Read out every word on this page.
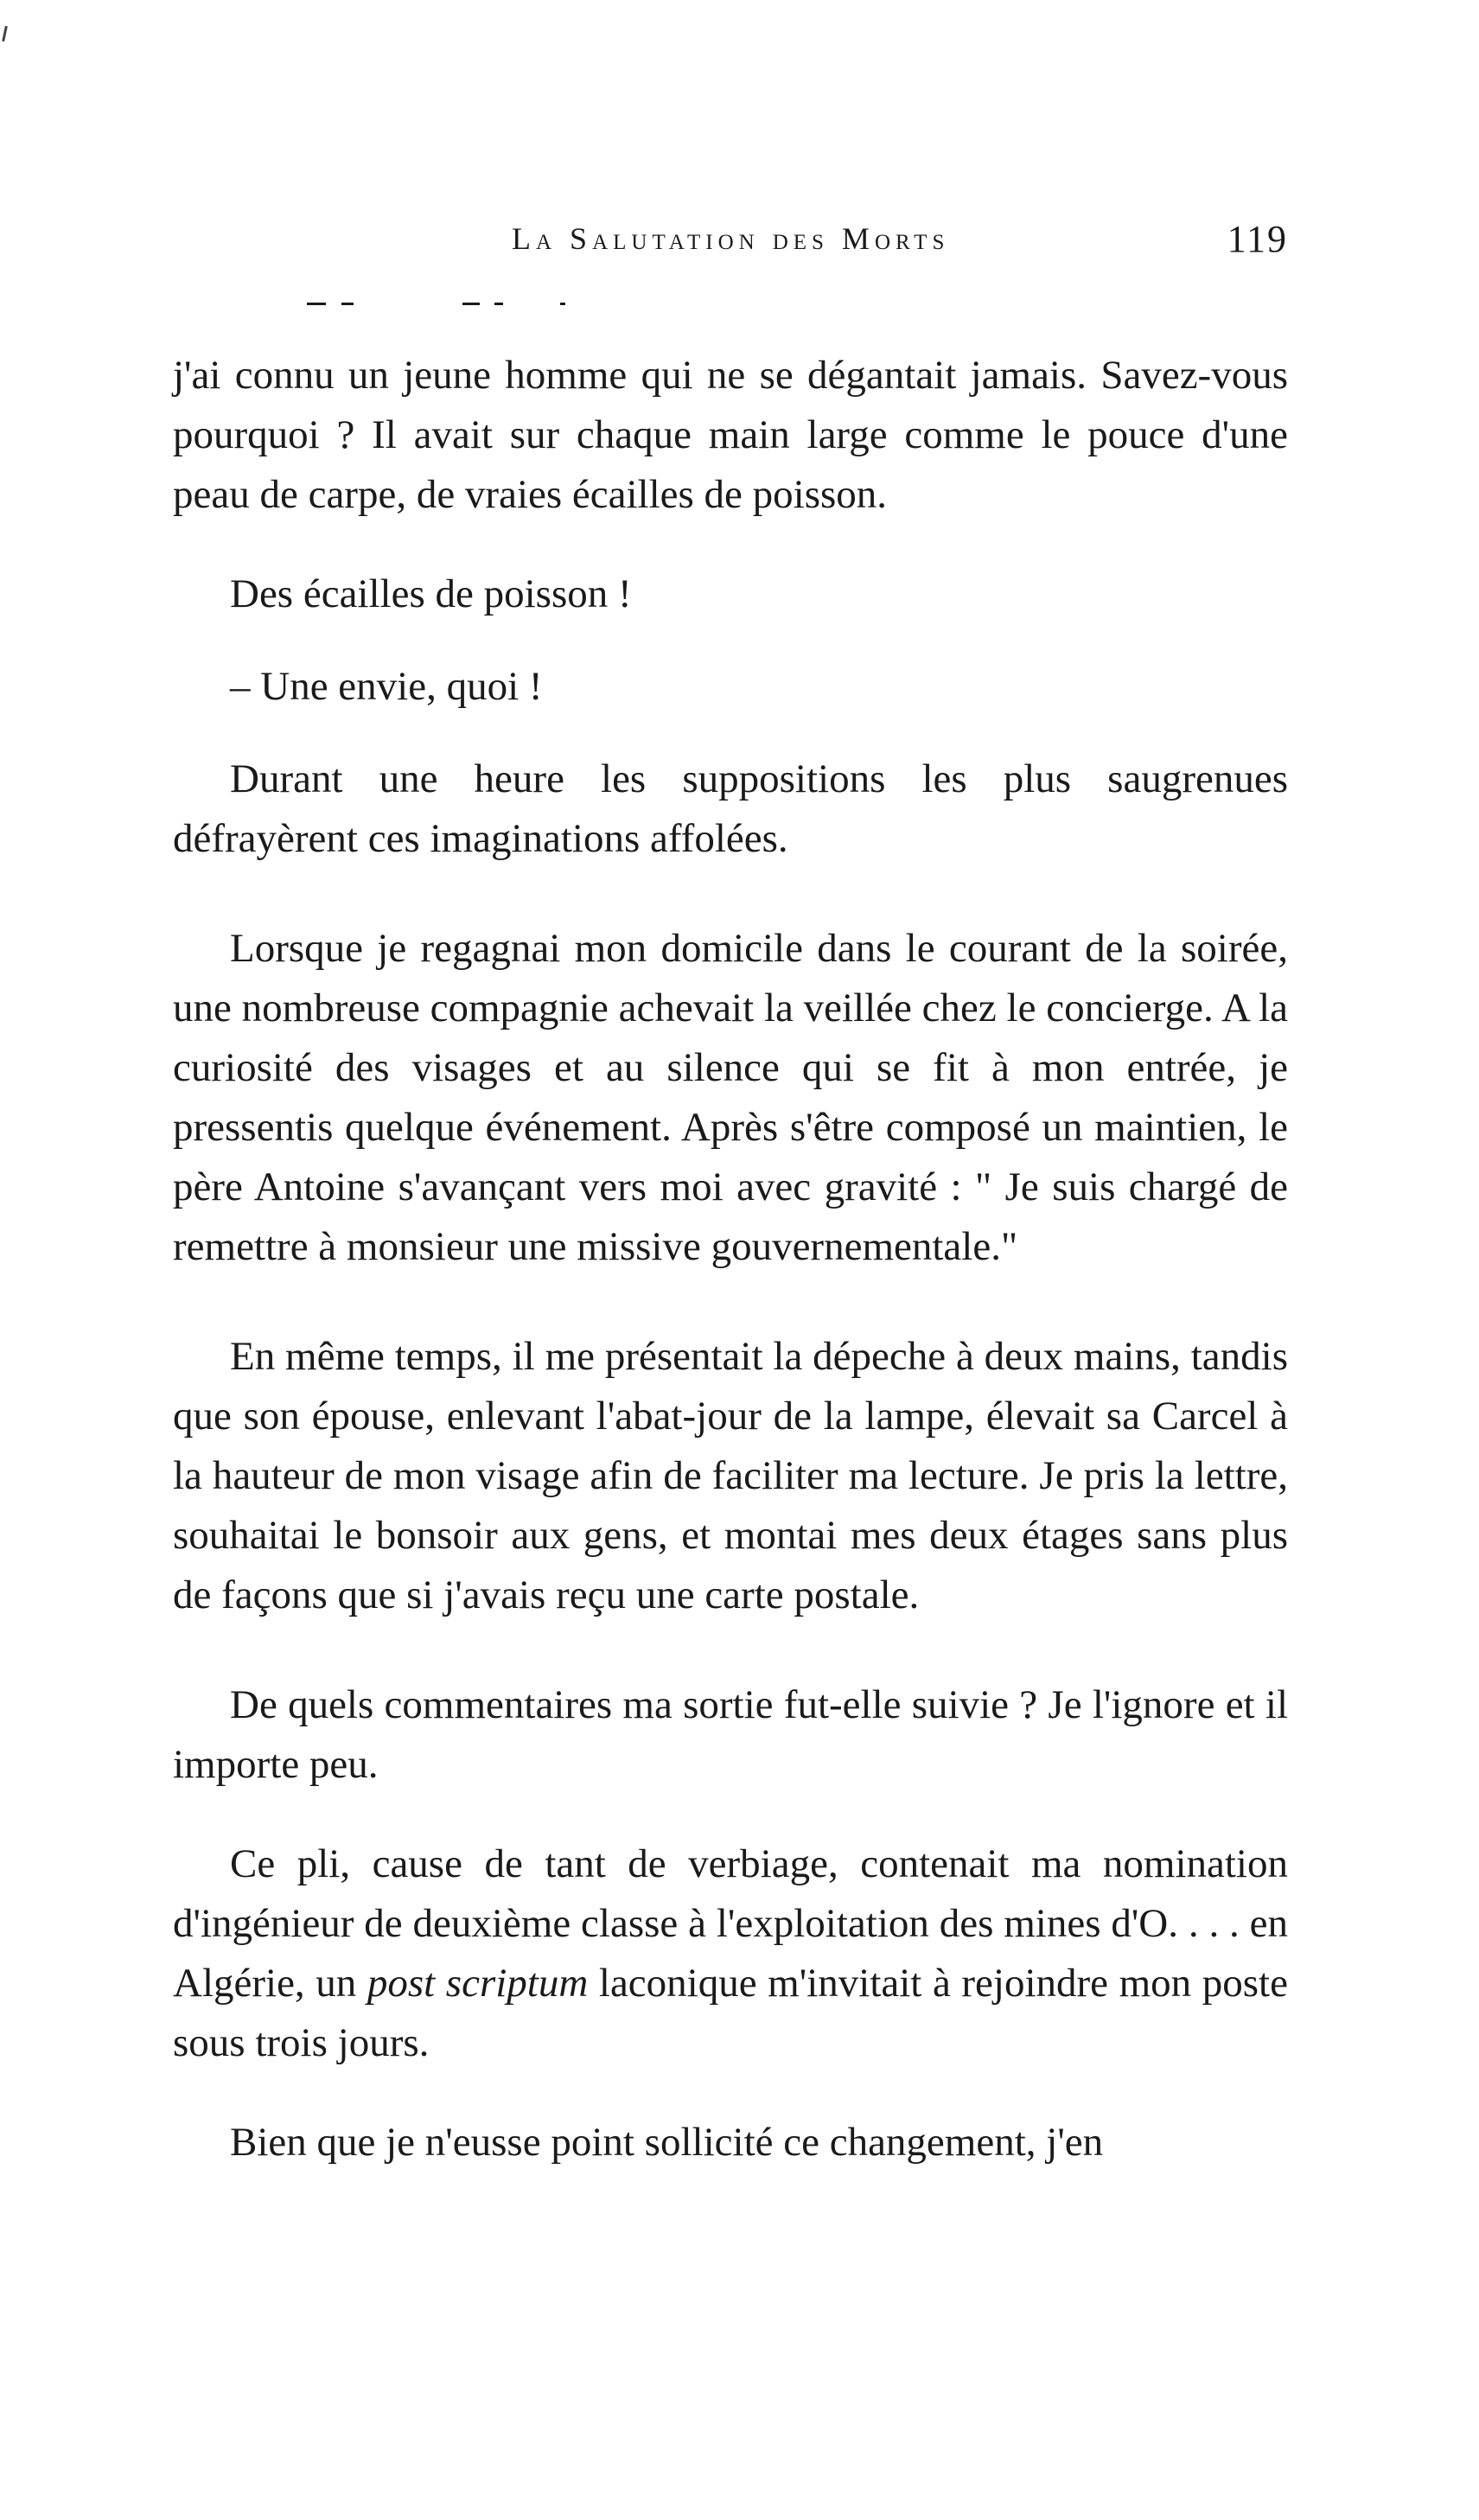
La Salutation des Morts	119

j'ai connu un jeune homme qui ne se dégantait jamais. Savez-vous pourquoi ? Il avait sur chaque main large comme le pouce d'une peau de carpe, de vraies écailles de poisson.

Des écailles de poisson !

– Une envie, quoi !

Durant une heure les suppositions les plus saugrenues défrayèrent ces imaginations affolées.

Lorsque je regagnai mon domicile dans le courant de la soirée, une nombreuse compagnie achevait la veillée chez le concierge. A la curiosité des visages et au silence qui se fit à mon entrée, je pressentis quelque événement. Après s'être composé un maintien, le père Antoine s'avançant vers moi avec gravité : " Je suis chargé de remettre à monsieur une missive gouvernementale."

En même temps, il me présentait la dépeche à deux mains, tandis que son épouse, enlevant l'abat-jour de la lampe, élevait sa Carcel à la hauteur de mon visage afin de faciliter ma lecture. Je pris la lettre, souhaitai le bonsoir aux gens, et montai mes deux étages sans plus de façons que si j'avais reçu une carte postale.

De quels commentaires ma sortie fut-elle suivie ? Je l'ignore et il importe peu.

Ce pli, cause de tant de verbiage, contenait ma nomination d'ingénieur de deuxième classe à l'exploitation des mines d'O. . . . en Algérie, un post scriptum laconique m'invitait à rejoindre mon poste sous trois jours.

Bien que je n'eusse point sollicité ce changement, j'en
